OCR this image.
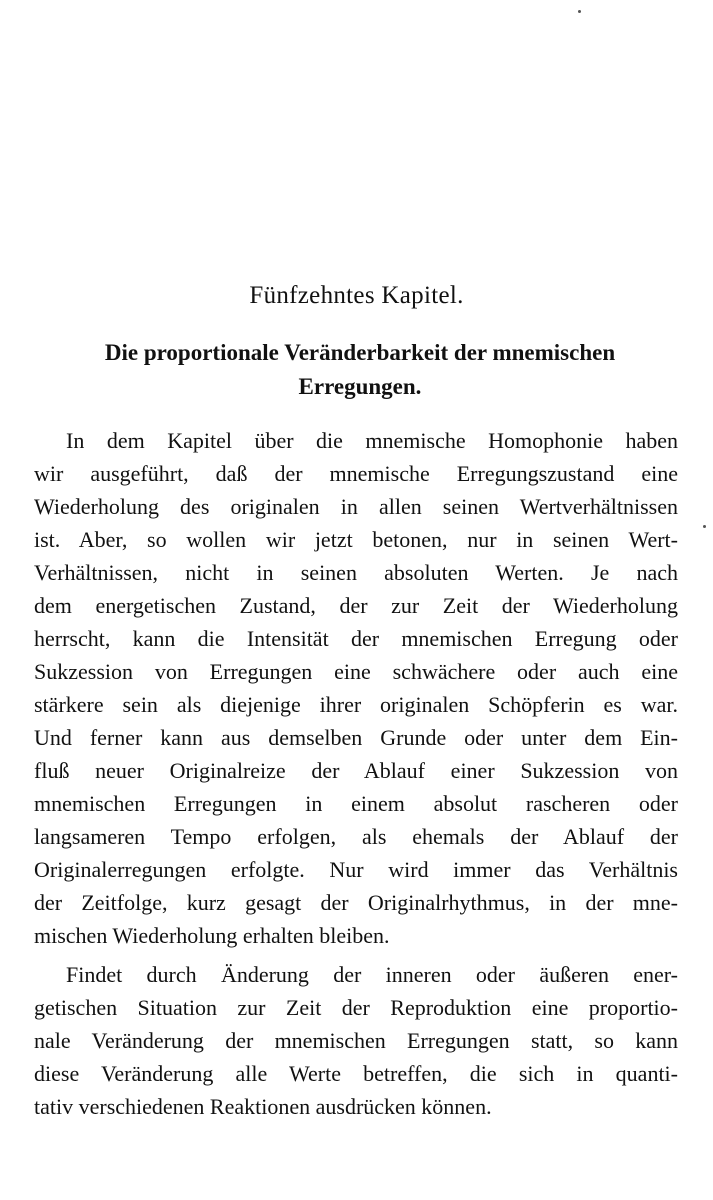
Fünfzehntes Kapitel.
Die proportionale Veränderbarkeit der mnemischen
Erregungen.
In dem Kapitel über die mnemische Homophonie haben
wir ausgeführt, daß der mnemische Erregungszustand eine
Wiederholung des originalen in allen seinen Wertverhältnissen
ist. Aber, so wollen wir jetzt betonen, nur in seinen Wert-
Verhältnissen, nicht in seinen absoluten Werten. Je nach
dem energetischen Zustand, der zur Zeit der Wiederholung
herrscht, kann die Intensität der mnemischen Erregung oder
Sukzession von Erregungen eine schwächere oder auch eine
stärkere sein als diejenige ihrer originalen Schöpferin es war.
Und ferner kann aus demselben Grunde oder unter dem Ein-
fluß neuer Originalreize der Ablauf einer Sukzession von
mnemischen Erregungen in einem absolut rascheren oder
langsameren Tempo erfolgen, als ehemals der Ablauf der
Originalerregungen erfolgte. Nur wird immer das Verhältnis
der Zeitfolge, kurz gesagt der Originalrhythmus, in der mne-
mischen Wiederholung erhalten bleiben.
Findet durch Änderung der inneren oder äußeren ener-
getischen Situation zur Zeit der Reproduktion eine proportio-
nale Veränderung der mnemischen Erregungen statt, so kann
diese Veränderung alle Werte betreffen, die sich in quanti-
tativ verschiedenen Reaktionen ausdrücken können.
